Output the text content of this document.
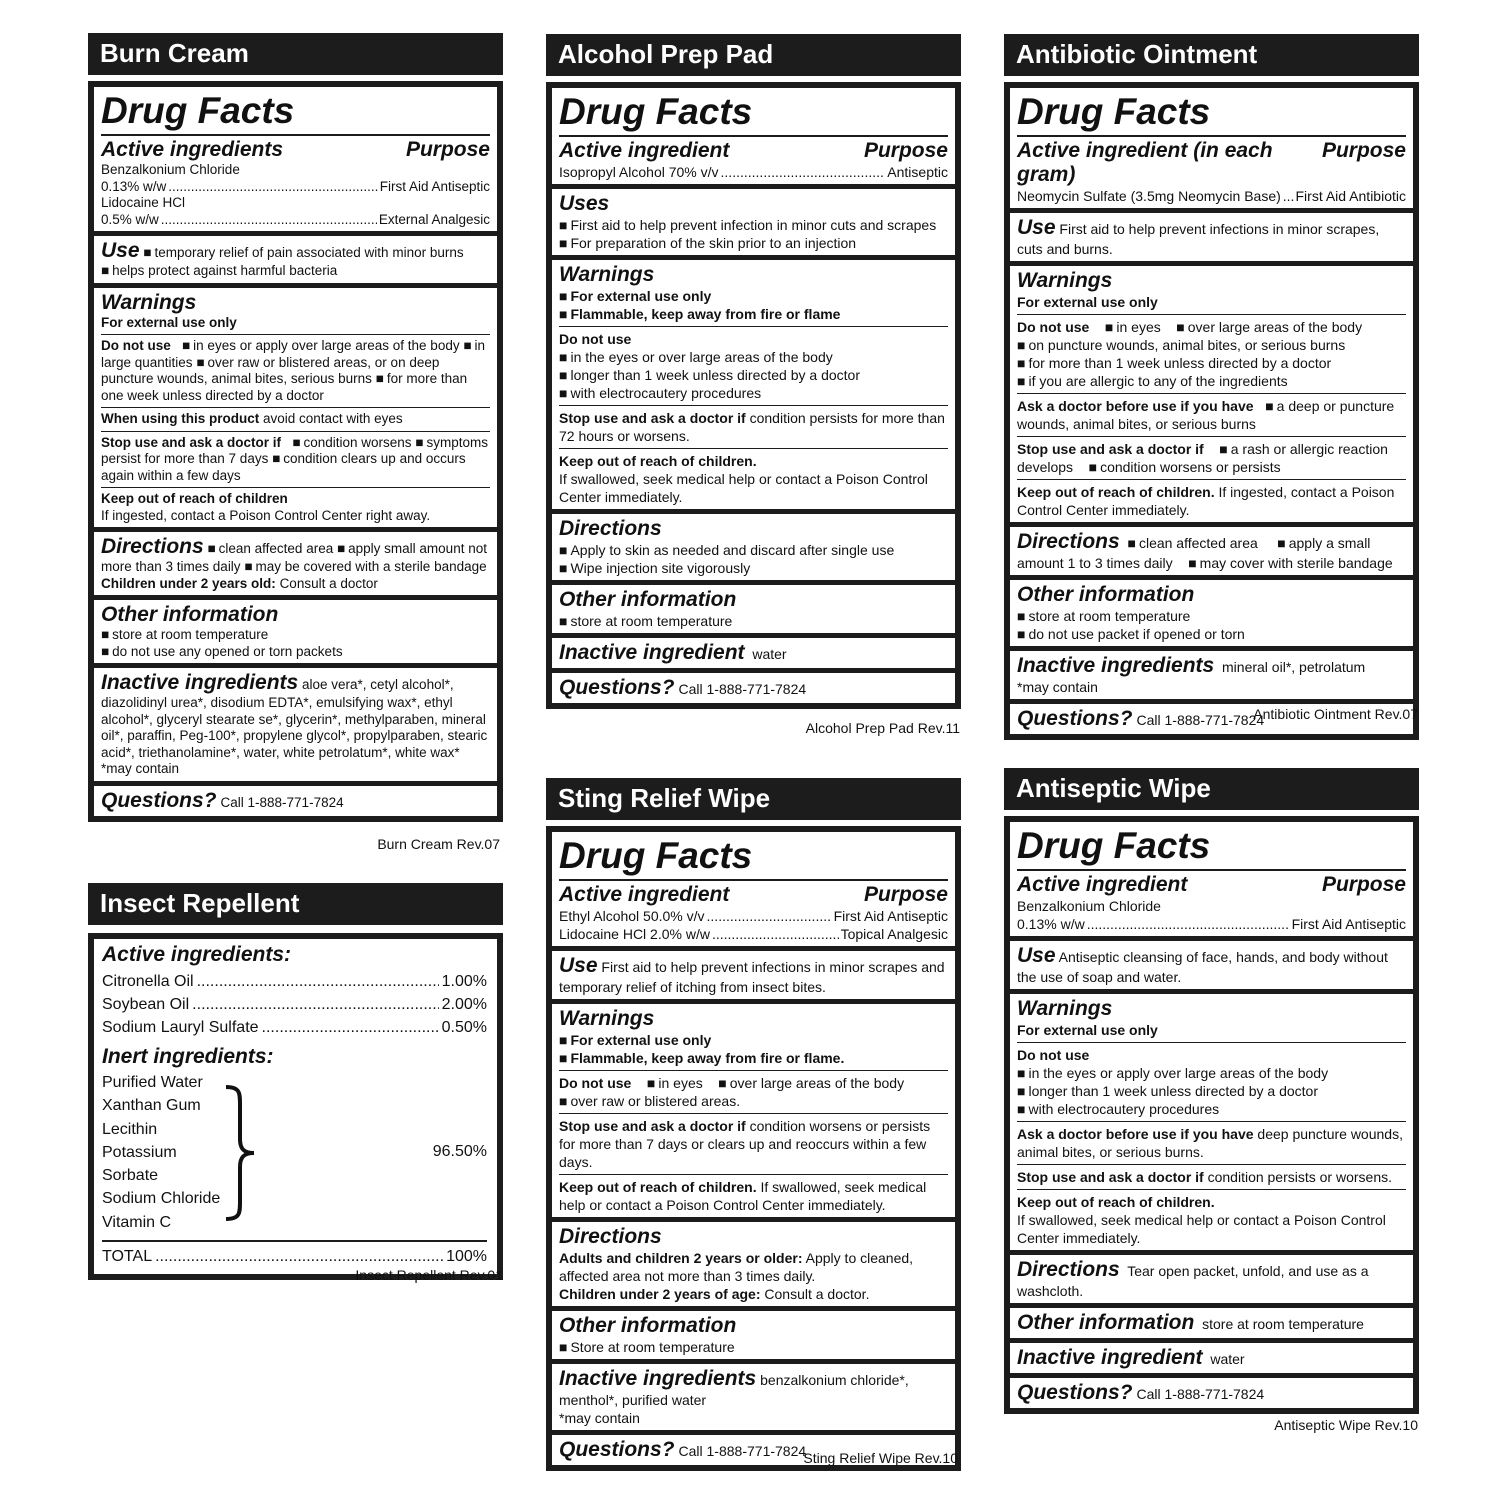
Burn Cream
Drug Facts
Active ingredients	Purpose
Benzalkonium Chloride
0.13% w/w .....	First Aid Antiseptic
Lidocaine HCl
0.5% w/w .....	External Analgesic
Use ■ temporary relief of pain associated with minor burns
■ helps protect against harmful bacteria
Warnings
For external use only
Do not use ■ in eyes or apply over large areas of the body ■ in large quantities ■ over raw or blistered areas, or on deep puncture wounds, animal bites, serious burns ■ for more than one week unless directed by a doctor
When using this product avoid contact with eyes
Stop use and ask a doctor if ■ condition worsens ■ symptoms persist for more than 7 days ■ condition clears up and occurs again within a few days
Keep out of reach of children
If ingested, contact a Poison Control Center right away.
Directions ■ clean affected area ■ apply small amount not more than 3 times daily ■ may be covered with a sterile bandage
Children under 2 years old: Consult a doctor
Other information
■ store at room temperature
■ do not use any opened or torn packets
Inactive ingredients aloe vera*, cetyl alcohol*, diazolidinyl urea*, disodium EDTA*, emulsifying wax*, ethyl alcohol*, glyceryl stearate se*, glycerin*, methylparaben, mineral oil*, paraffin, Peg-100*, propylene glycol*, propylparaben, stearic acid*, triethanolamine*, water, white petrolatum*, white wax*
*may contain
Questions? Call 1-888-771-7824
Burn Cream Rev.07
Insect Repellent
Active ingredients:
Citronella Oil .....	1.00%
Soybean Oil .....	2.00%
Sodium Lauryl Sulfate .....	0.50%
Inert ingredients:
Purified Water
Xanthan Gum
Lecithin
Potassium Sorbate
Sodium Chloride
Vitamin C
96.50%
TOTAL .....	100%
Insect Repellent Rev.01
Alcohol Prep Pad
Drug Facts
Active ingredient	Purpose
Isopropyl Alcohol 70% v/v .....	Antiseptic
Uses
■ First aid to help prevent infection in minor cuts and scrapes
■ For preparation of the skin prior to an injection
Warnings
■ For external use only
■ Flammable, keep away from fire or flame
Do not use
■ in the eyes or over large areas of the body
■ longer than 1 week unless directed by a doctor
■ with electrocautery procedures
Stop use and ask a doctor if condition persists for more than 72 hours or worsens.
Keep out of reach of children.
If swallowed, seek medical help or contact a Poison Control Center immediately.
Directions
■ Apply to skin as needed and discard after single use
■ Wipe injection site vigorously
Other information
■ store at room temperature
Inactive ingredient water
Questions? Call 1-888-771-7824
Alcohol Prep Pad Rev.11
Sting Relief Wipe
Drug Facts
Active ingredient	Purpose
Ethyl Alcohol 50.0% v/v .....	First Aid Antiseptic
Lidocaine HCl 2.0% w/w .....	Topical Analgesic
Use First aid to help prevent infections in minor scrapes and temporary relief of itching from insect bites.
Warnings
■ For external use only
■ Flammable, keep away from fire or flame.
Do not use ■ in eyes ■ over large areas of the body
■ over raw or blistered areas.
Stop use and ask a doctor if condition worsens or persists for more than 7 days or clears up and reoccurs within a few days.
Keep out of reach of children. If swallowed, seek medical help or contact a Poison Control Center immediately.
Directions
Adults and children 2 years or older: Apply to cleaned, affected area not more than 3 times daily.
Children under 2 years of age: Consult a doctor.
Other information
■ Store at room temperature
Inactive ingredients benzalkonium chloride*, menthol*, purified water
*may contain
Questions? Call 1-888-771-7824
Sting Relief Wipe Rev.10
Antibiotic Ointment
Drug Facts
Active ingredient (in each gram)
Purpose
Neomycin Sulfate (3.5mg Neomycin Base) ..... First Aid Antibiotic
Use First aid to help prevent infections in minor scrapes, cuts and burns.
Warnings
For external use only
Do not use ■ in eyes ■ over large areas of the body
■ on puncture wounds, animal bites, or serious burns
■ for more than 1 week unless directed by a doctor
■ if you are allergic to any of the ingredients
Ask a doctor before use if you have ■ a deep or puncture wounds, animal bites, or serious burns
Stop use and ask a doctor if ■ a rash or allergic reaction develops ■ condition worsens or persists
Keep out of reach of children. If ingested, contact a Poison Control Center immediately.
Directions ■ clean affected area ■ apply a small amount 1 to 3 times daily ■ may cover with sterile bandage
Other information
■ store at room temperature
■ do not use packet if opened or torn
Inactive ingredients mineral oil*, petrolatum
*may contain
Questions? Call 1-888-771-7824
Antibiotic Ointment Rev.07
Antiseptic Wipe
Drug Facts
Active ingredient	Purpose
Benzalkonium Chloride
0.13% w/w .....	First Aid Antiseptic
Use Antiseptic cleansing of face, hands, and body without the use of soap and water.
Warnings
For external use only
Do not use
■ in the eyes or apply over large areas of the body
■ longer than 1 week unless directed by a doctor
■ with electrocautery procedures
Ask a doctor before use if you have deep puncture wounds, animal bites, or serious burns.
Stop use and ask a doctor if condition persists or worsens.
Keep out of reach of children.
If swallowed, seek medical help or contact a Poison Control Center immediately.
Directions Tear open packet, unfold, and use as a washcloth.
Other information store at room temperature
Inactive ingredient water
Questions? Call 1-888-771-7824
Antiseptic Wipe Rev.10
